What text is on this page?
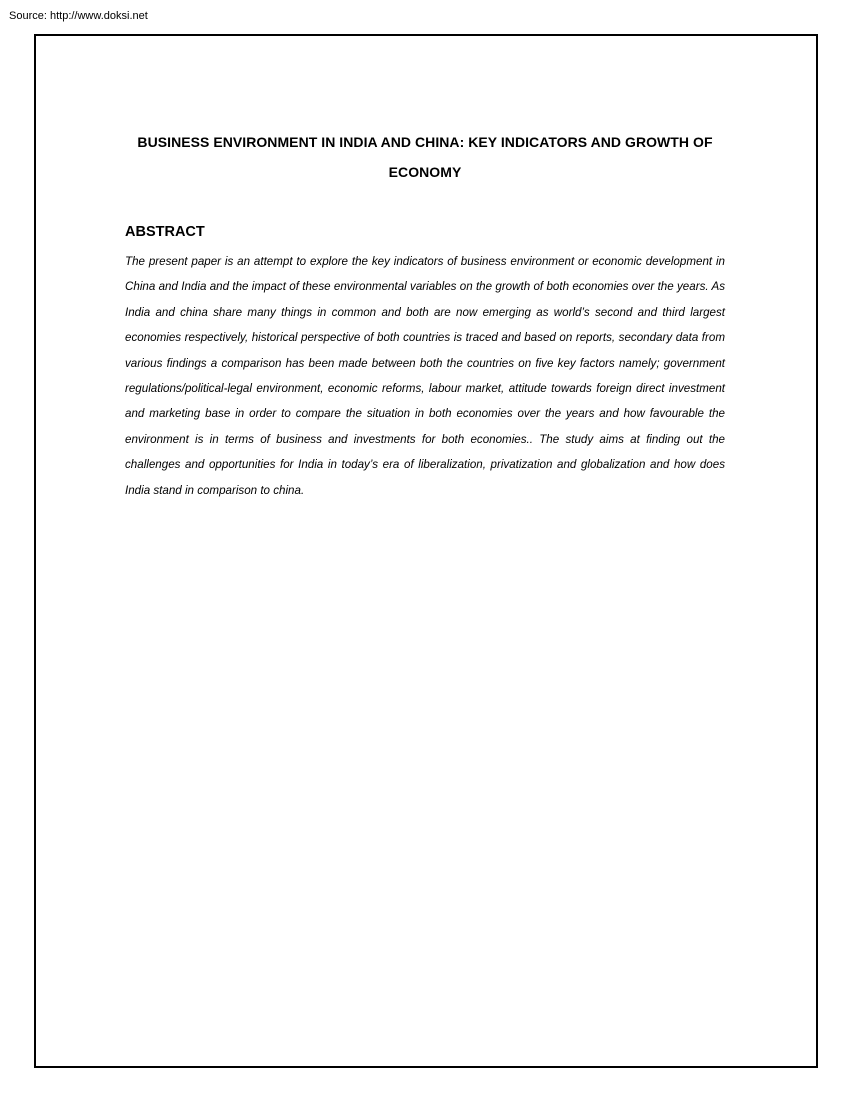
Source: http://www.doksi.net
BUSINESS ENVIRONMENT IN INDIA AND CHINA: KEY INDICATORS AND GROWTH OF ECONOMY
ABSTRACT

The present paper is an attempt to explore the key indicators of business environment or economic development in China and India and the impact of these environmental variables on the growth of both economies over the years. As India and china share many things in common and both are now emerging as world’s second and third largest economies respectively, historical perspective of both countries is traced and based on reports, secondary data from various findings a comparison has been made between both the countries on five key factors namely; government regulations/political-legal environment, economic reforms, labour market, attitude towards foreign direct investment and marketing base in order to compare the situation in both economies over the years and how favourable the environment is in terms of business and investments for both economies.. The study aims at finding out the challenges and opportunities for India in today’s era of liberalization, privatization and globalization and how does India stand in comparison to china.
